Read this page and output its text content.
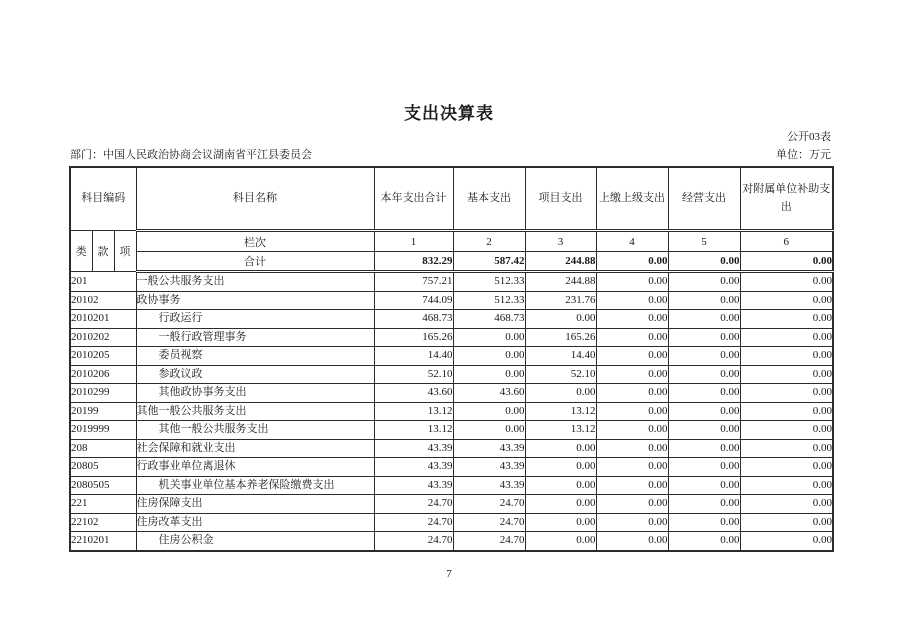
支出决算表
公开03表
部门：中国人民政治协商会议湖南省平江县委员会	单位：万元
科目编码			科目名称	本年支出合计	基本支出	项目支出	上缴上级支出	经营支出	对附属单位补助支出
类	款	项	栏次	1	2	3	4	5	6
			合计	832.29	587.42	244.88	0.00	0.00	0.00
201			一般公共服务支出	757.21	512.33	244.88	0.00	0.00	0.00
20102			政协事务	744.09	512.33	231.76	0.00	0.00	0.00
2010201			行政运行	468.73	468.73	0.00	0.00	0.00	0.00
2010202			一般行政管理事务	165.26	0.00	165.26	0.00	0.00	0.00
2010205			委员视察	14.40	0.00	14.40	0.00	0.00	0.00
2010206			参政议政	52.10	0.00	52.10	0.00	0.00	0.00
2010299			其他政协事务支出	43.60	43.60	0.00	0.00	0.00	0.00
20199			其他一般公共服务支出	13.12	0.00	13.12	0.00	0.00	0.00
2019999			其他一般公共服务支出	13.12	0.00	13.12	0.00	0.00	0.00
208			社会保障和就业支出	43.39	43.39	0.00	0.00	0.00	0.00
20805			行政事业单位离退休	43.39	43.39	0.00	0.00	0.00	0.00
2080505			机关事业单位基本养老保险缴费支出	43.39	43.39	0.00	0.00	0.00	0.00
221			住房保障支出	24.70	24.70	0.00	0.00	0.00	0.00
22102			住房改革支出	24.70	24.70	0.00	0.00	0.00	0.00
2210201			住房公积金	24.70	24.70	0.00	0.00	0.00	0.00
7
